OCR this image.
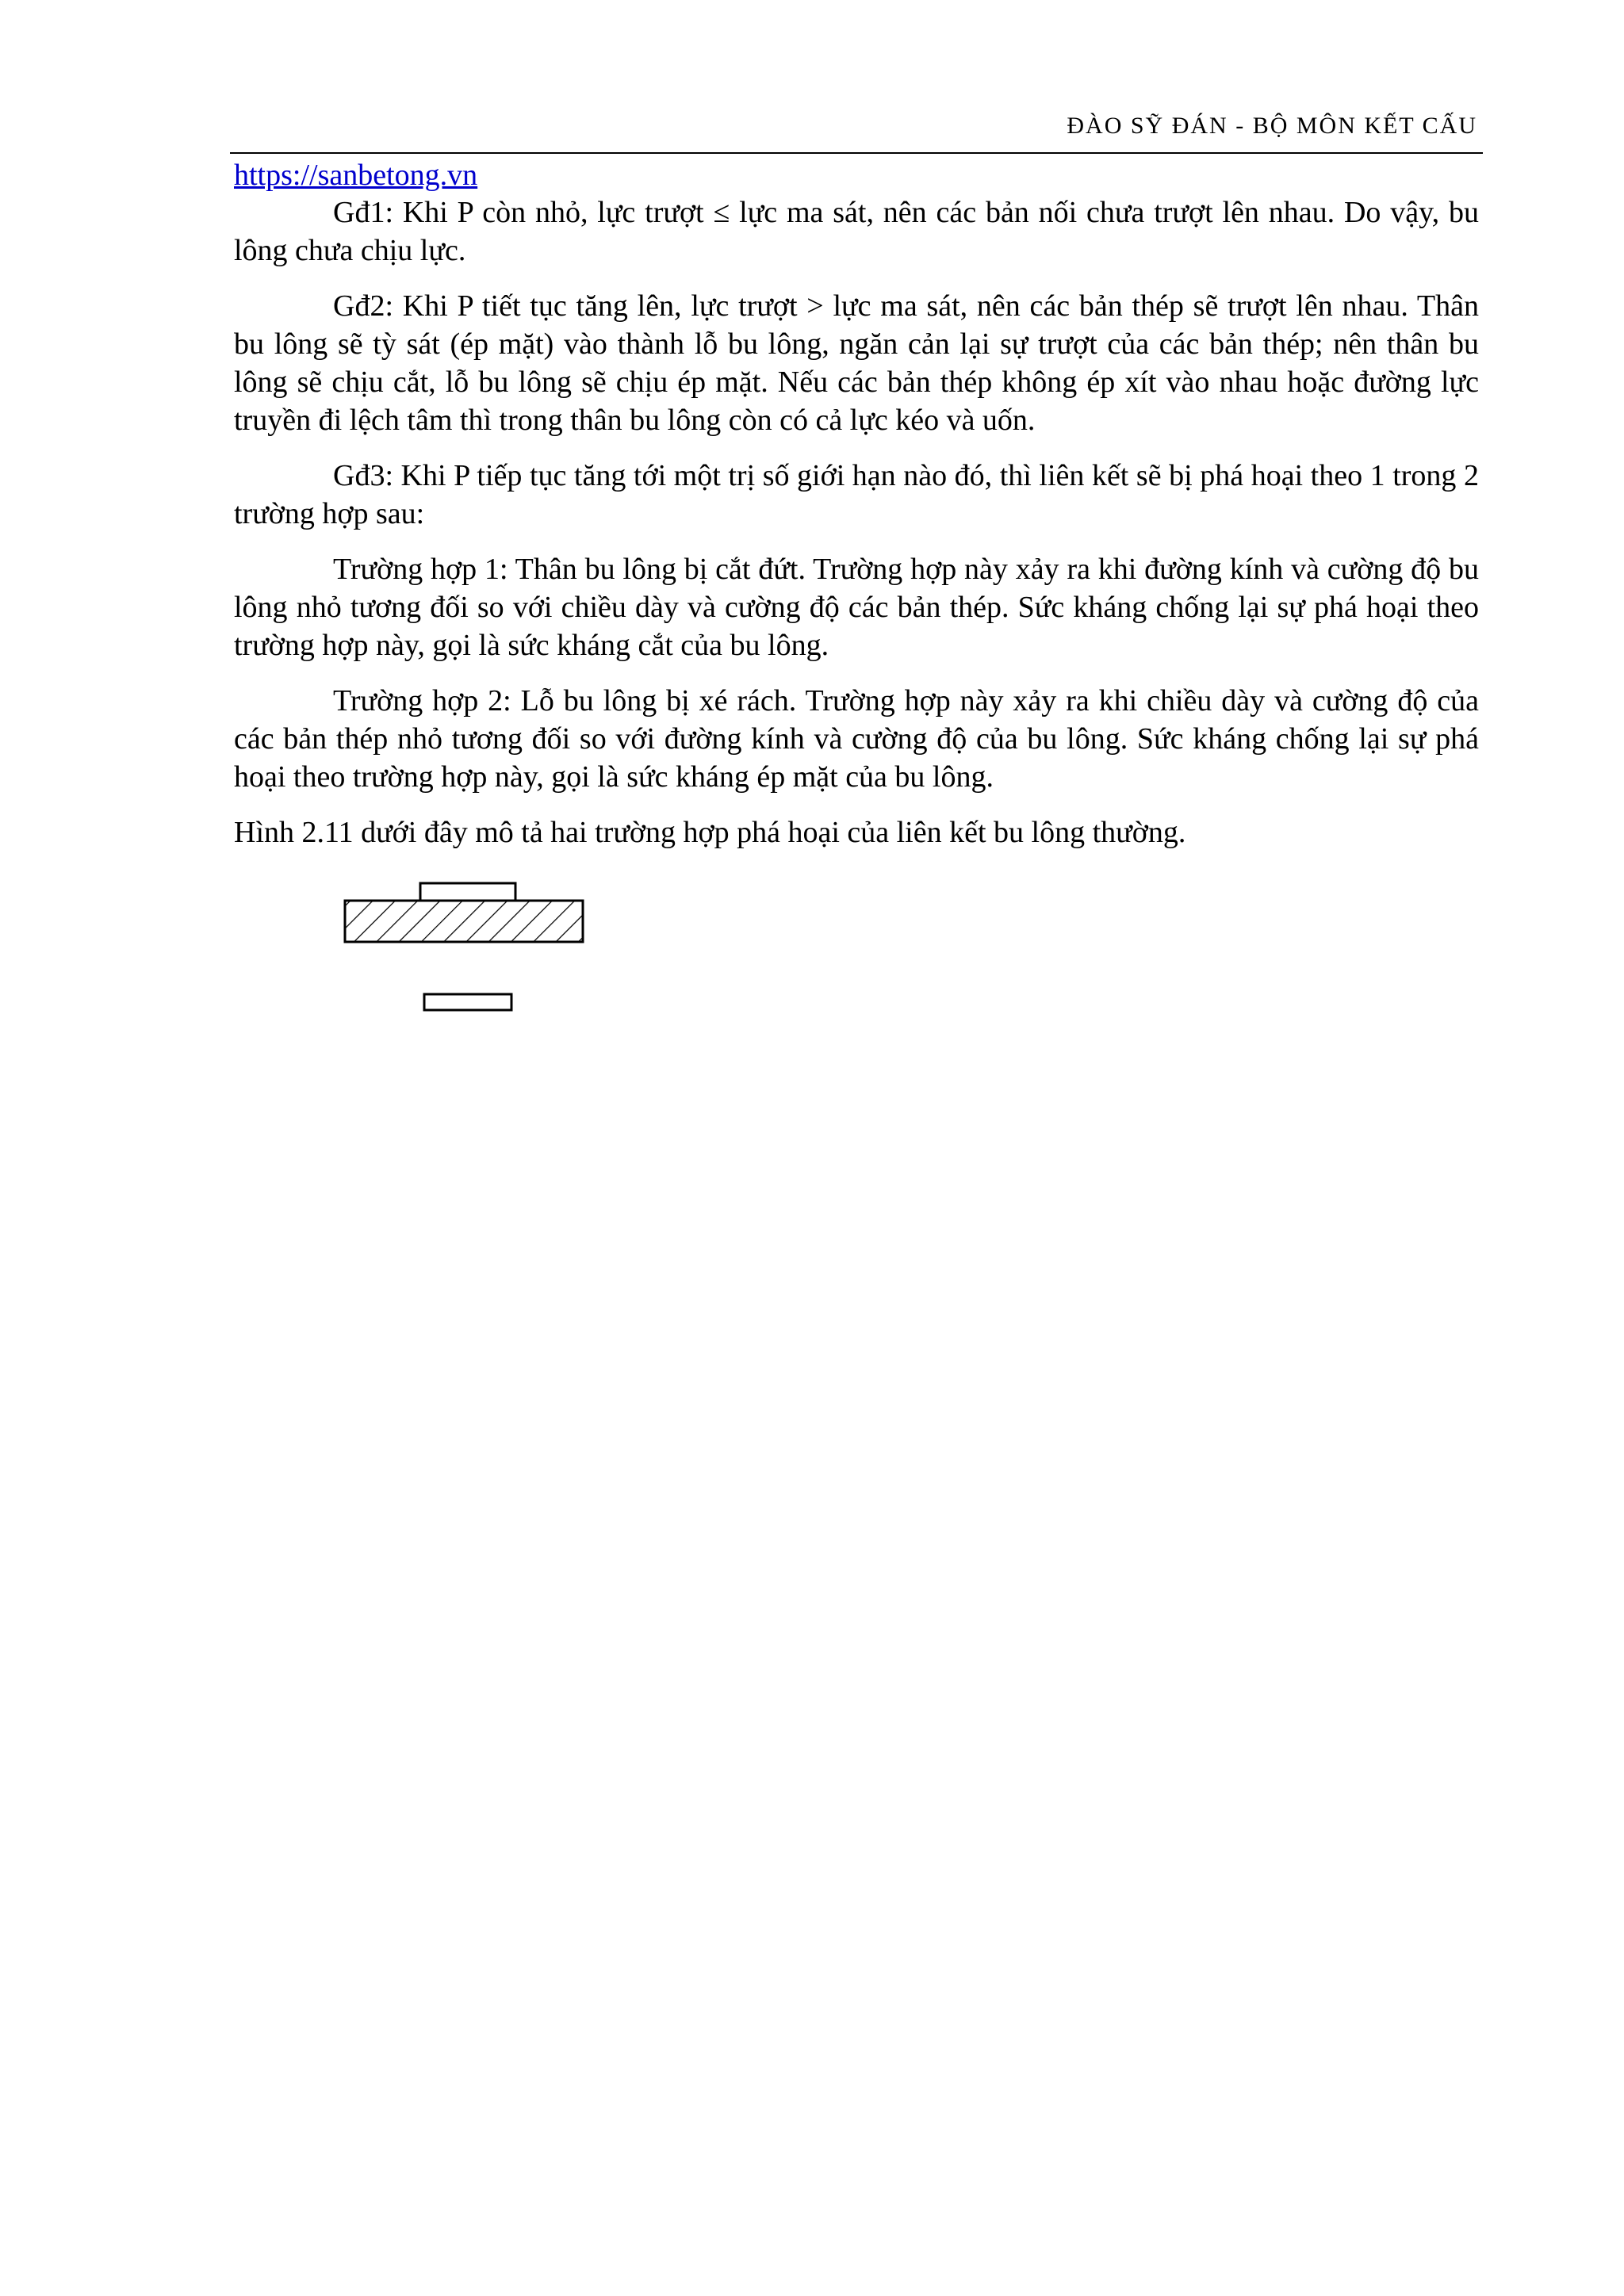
ĐÀO SỸ ĐÁN - BỘ MÔN KẾT CẤU
https://sanbetong.vn

Gđ1: Khi P còn nhỏ, lực trượt ≤ lực ma sát, nên các bản nối chưa trượt lên nhau. Do vậy, bu lông chưa chịu lực.

Gđ2: Khi P tiết tục tăng lên, lực trượt > lực ma sát, nên các bản thép sẽ trượt lên nhau. Thân bu lông sẽ tỳ sát (ép mặt) vào thành lỗ bu lông, ngăn cản lại sự trượt của các bản thép; nên thân bu lông sẽ chịu cắt, lỗ bu lông sẽ chịu ép mặt. Nếu các bản thép không ép xít vào nhau hoặc đường lực truyền đi lệch tâm thì trong thân bu lông còn có cả lực kéo và uốn.

Gđ3: Khi P tiếp tục tăng tới một trị số giới hạn nào đó, thì liên kết sẽ bị phá hoại theo 1 trong 2 trường hợp sau:

Trường hợp 1: Thân bu lông bị cắt đứt. Trường hợp này xảy ra khi đường kính và cường độ bu lông nhỏ tương đối so với chiều dày và cường độ các bản thép. Sức kháng chống lại sự phá hoại theo trường hợp này, gọi là sức kháng cắt của bu lông.

Trường hợp 2: Lỗ bu lông bị xé rách. Trường hợp này xảy ra khi chiều dày và cường độ của các bản thép nhỏ tương đối so với đường kính và cường độ của bu lông. Sức kháng chống lại sự phá hoại theo trường hợp này, gọi là sức kháng ép mặt của bu lông.

Hình 2.11 dưới đây mô tả hai trường hợp phá hoại của liên kết bu lông thường.
